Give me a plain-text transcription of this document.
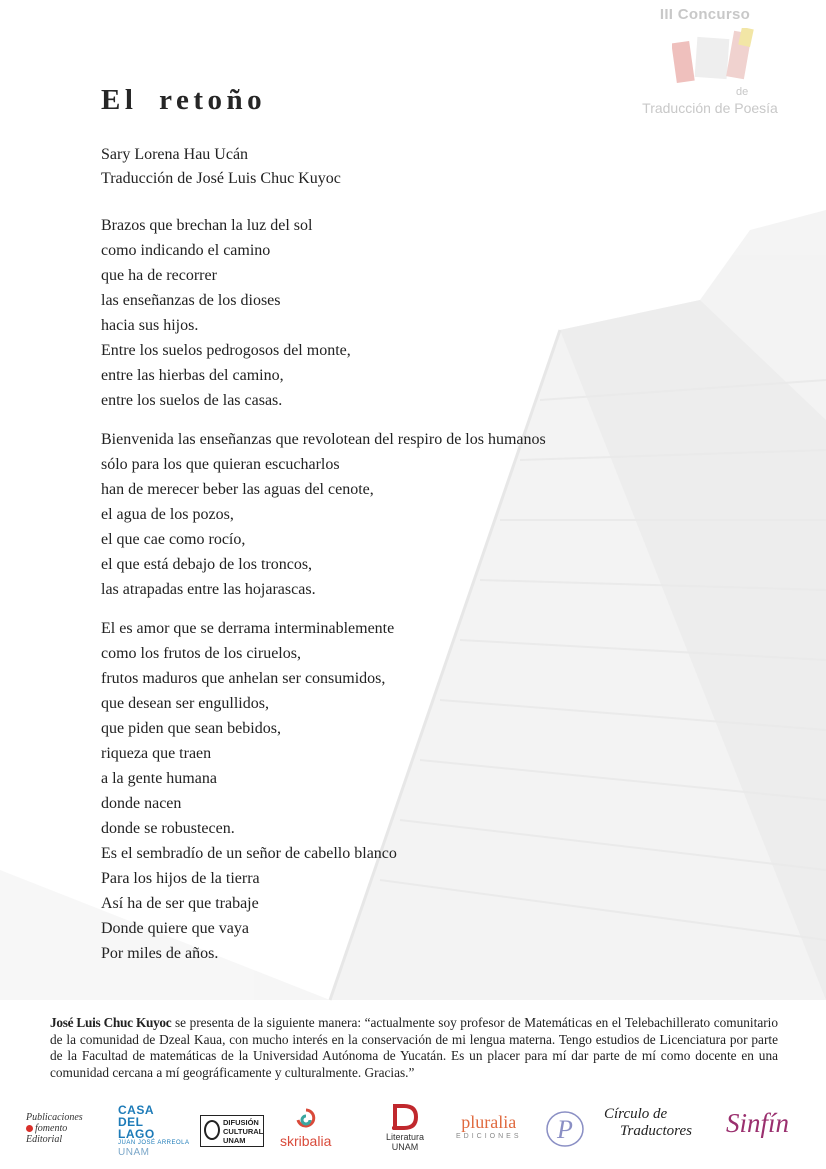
III Concurso
de
Traducción de Poesía
El retoño
Sary Lorena Hau Ucán
Traducción de José Luis Chuc Kuyoc
Brazos que brechan la luz del sol
como indicando el camino
que ha de recorrer
las enseñanzas de los dioses
hacia sus hijos.
Entre los suelos pedrogosos del monte,
entre las hierbas del camino,
entre los suelos de las casas.
Bienvenida las enseñanzas que revolotean del respiro de los humanos
sólo para los que quieran escucharlos
han de merecer beber las aguas del cenote,
el agua de los pozos,
el que cae como rocío,
el que está debajo de los troncos,
las atrapadas entre las hojarascas.
El es amor que se derrama interminablemente
como los frutos de los ciruelos,
frutos maduros que anhelan ser consumidos,
que desean ser engullidos,
que piden que sean bebidos,
riqueza que traen
a la gente humana
donde nacen
donde se robustecen.
Es el sembradío de un señor de cabello blanco
Para los hijos de la tierra
Así ha de ser que trabaje
Donde quiere que vaya
Por miles de años.
José Luis Chuc Kuyoc se presenta de la siguiente manera: “actualmente soy profesor de Matemáticas en el Telebachillerato comunitario de la comunidad de Dzeal Kaua, con mucho interés en la conservación de mi lengua materna. Tengo estudios de Licenciatura por parte de la Facultad de matemáticas de la Universidad Autónoma de Yucatán. Es un placer para mí dar parte de mí como docente en una comunidad cercana a mí geográficamente y culturalmente. Gracias.”
Publicaciones
fomento
Editorial
CASA
DEL
LAGO
JUAN JOSÉ ARREOLA
UNAM
DIFUSIÓN
CULTURAL
UNAM	skribalia	Literatura
UNAM
pluralia
EDICIONES P
Círculo de
Traductores Sinfín
